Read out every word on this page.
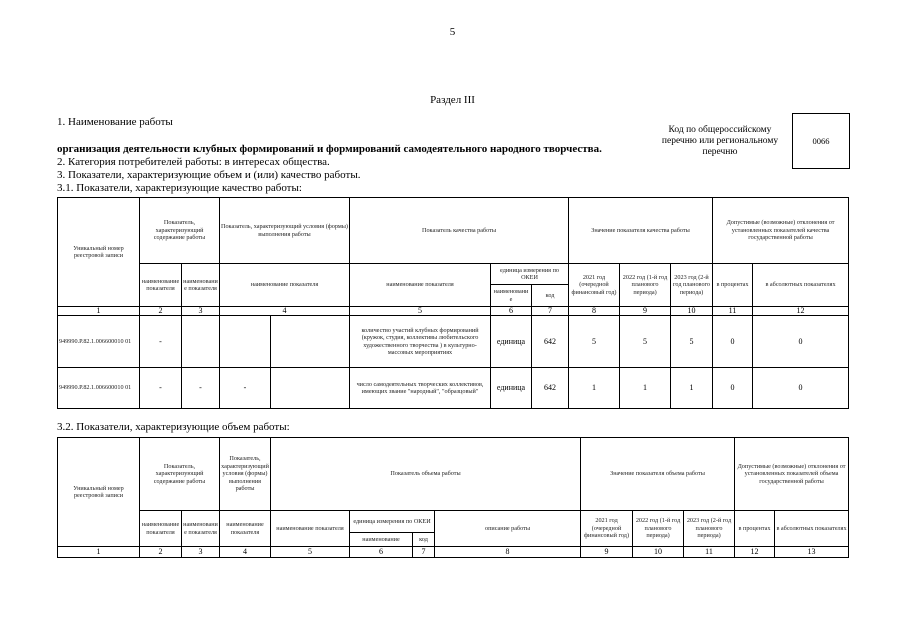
5
Раздел III
1. Наименование работы
организация деятельности клубных формирований и формирований самодеятельного народного творчества.
2. Категория потребителей работы: в интересах общества.
3. Показатели, характеризующие объем и (или) качество работы.
3.1. Показатели, характеризующие качество работы:
Код по общероссийскому перечню или региональному перечню
0066
Уникальный номер реестровой записи	Показатель, характеризующий содержание работы		Показатель, характеризующий условия (формы) выполнения работы		Показатель качества работы			Значение показателя качества работы			Допустимые (возможные) отклонения от установленных показателей качества государственной работы	
	наименование показателя	наименовани е показателя	наименование показателя		наименование показателя	единица измерения по ОКЕИ		2021 год (очередной финансовый год)	2022 год (1-й год планового периода)	2023 год (2-й год планового периода)	в процентах	в абсолютных показателях
						наименовани е	код					
1	2	3	4		5	6	7	8	9	10	11	12
949990.Р.82.1.006600010 01	-				количество участий клубных формирований (кружок, студия, коллективы любительского художественного творчества ) в культурно-массовых мероприятиях	единица	642	5	5	5	0	0
949990.Р.82.1.006600010 01	-	-	-		число самодеятельных творческих коллективов, имеющих звание "народный", "образцовый"	единица	642	1	1	1	0	0
3.2. Показатели, характеризующие объем работы:
Уникальный номер реестровой записи	Показатель, характеризующий содержание работы		Показатель, характеризующий условия (формы) выполнения работы	Показатель объема работы				Значение показателя объема работы			Допустимые (возможные) отклонения от установленных показателей объема государственной работы	
	наименование показателя	наименовани е показателя	наименование показателя	наименование показателя	единица измерения по ОКЕИ		описание работы	2021 год (очередной финансовый год)	2022 год (1-й год планового периода)	2023 год (2-й год планового периода)	в процентах	в абсолютных показателях
					наименование	код						
1	2	3	4	5	6	7	8	9	10	11	12	13
